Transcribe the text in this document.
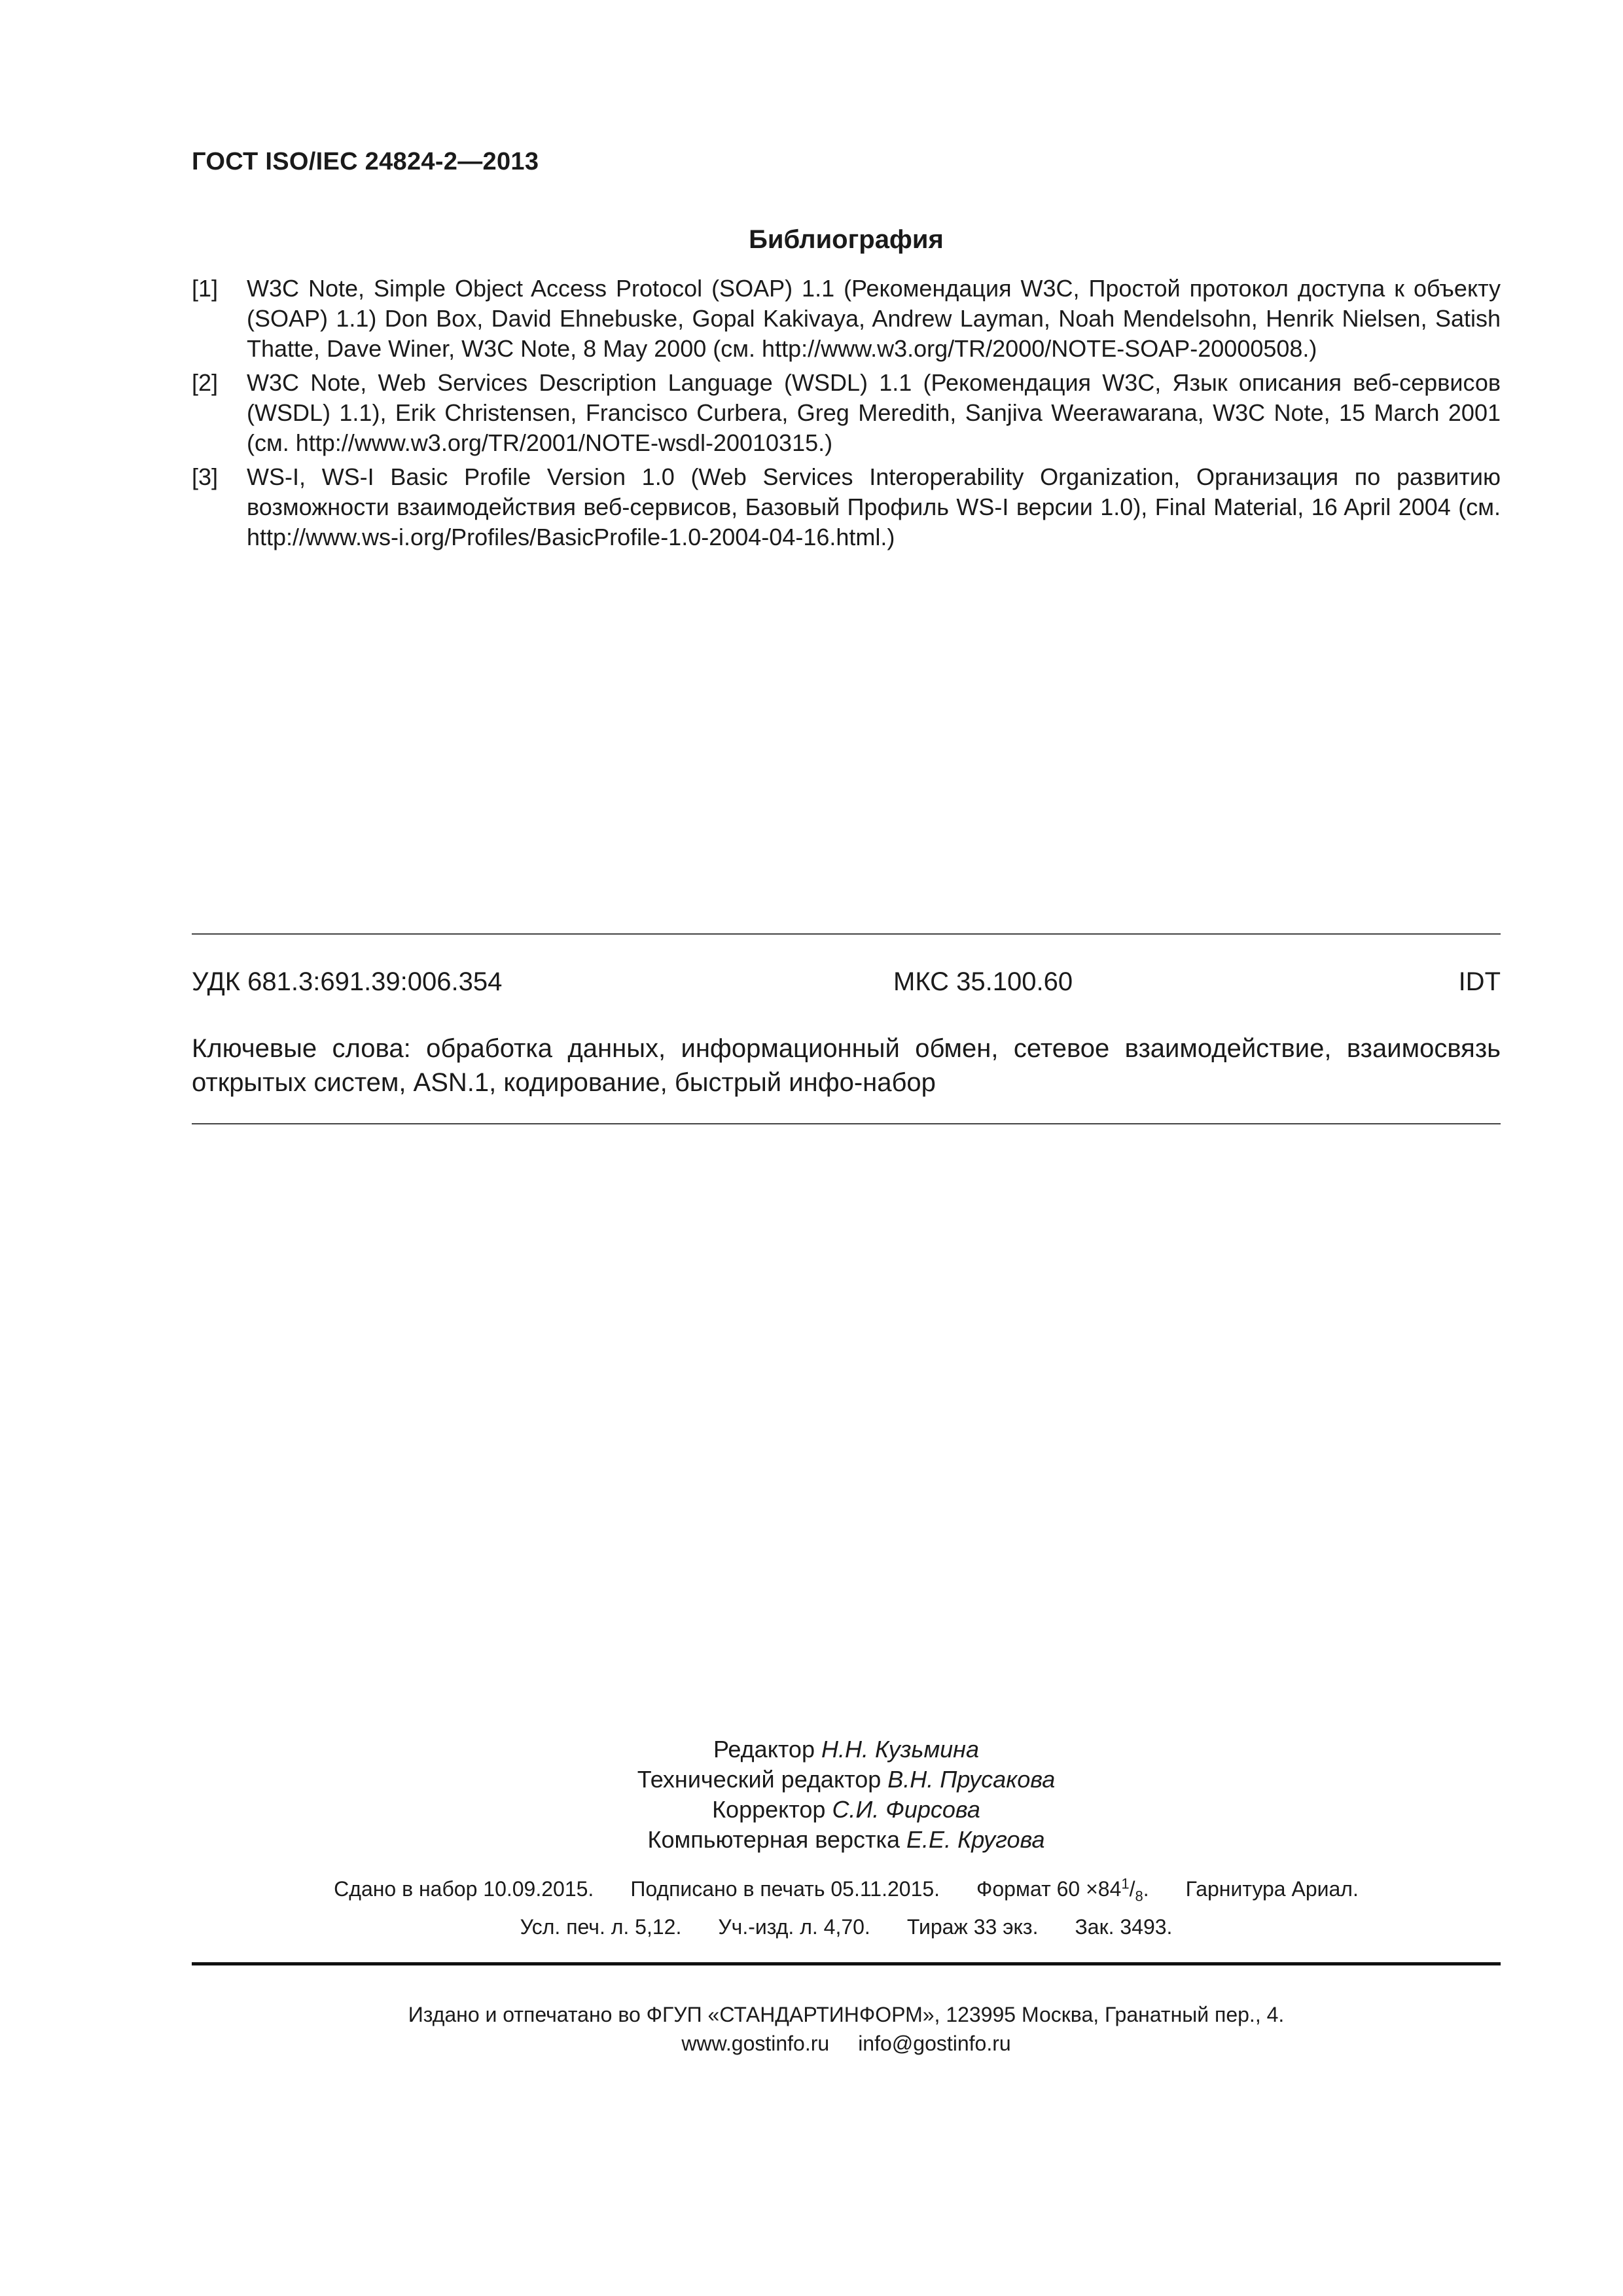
ГОСТ ISO/IEC 24824-2—2013
Библиография
[1]	W3C Note, Simple Object Access Protocol (SOAP) 1.1 (Рекомендация W3C, Простой протокол доступа к объекту (SOAP) 1.1) Don Box, David Ehnebuske, Gopal Kakivaya, Andrew Layman, Noah Mendelsohn, Henrik Nielsen, Satish Thatte, Dave Winer, W3C Note, 8 May 2000 (см. http://www.w3.org/TR/2000/NOTE-SOAP-20000508.)
[2]	W3C Note, Web Services Description Language (WSDL) 1.1 (Рекомендация W3C, Язык описания веб-сервисов (WSDL) 1.1), Erik Christensen, Francisco Curbera, Greg Meredith, Sanjiva Weerawarana, W3C Note, 15 March 2001 (см. http://www.w3.org/TR/2001/NOTE-wsdl-20010315.)
[3]	WS-I, WS-I Basic Profile Version 1.0 (Web Services Interoperability Organization, Организация по развитию возможности взаимодействия веб-сервисов, Базовый Профиль WS-I версии 1.0), Final Material, 16 April 2004 (см. http://www.ws-i.org/Profiles/BasicProfile-1.0-2004-04-16.html.)
УДК 681.3:691.39:006.354	МКС 35.100.60	IDT
Ключевые слова: обработка данных, информационный обмен, сетевое взаимодействие, взаимосвязь открытых систем, ASN.1, кодирование, быстрый инфо-набор
Редактор Н.Н. Кузьмина
Технический редактор В.Н. Прусакова
Корректор С.И. Фирсова
Компьютерная верстка Е.Е. Кругова
Сдано в набор 10.09.2015. Подписано в печать 05.11.2015. Формат $60 \times 84^1/_8$. Гарнитура Ариал.
Усл. печ. л. 5,12. Уч.-изд. л. 4,70. Тираж 33 экз. Зак. 3493.
Издано и отпечатано во ФГУП «СТАНДАРТИНФОРМ», 123995 Москва, Гранатный пер., 4.
www.gostinfo.ru info@gostinfo.ru
